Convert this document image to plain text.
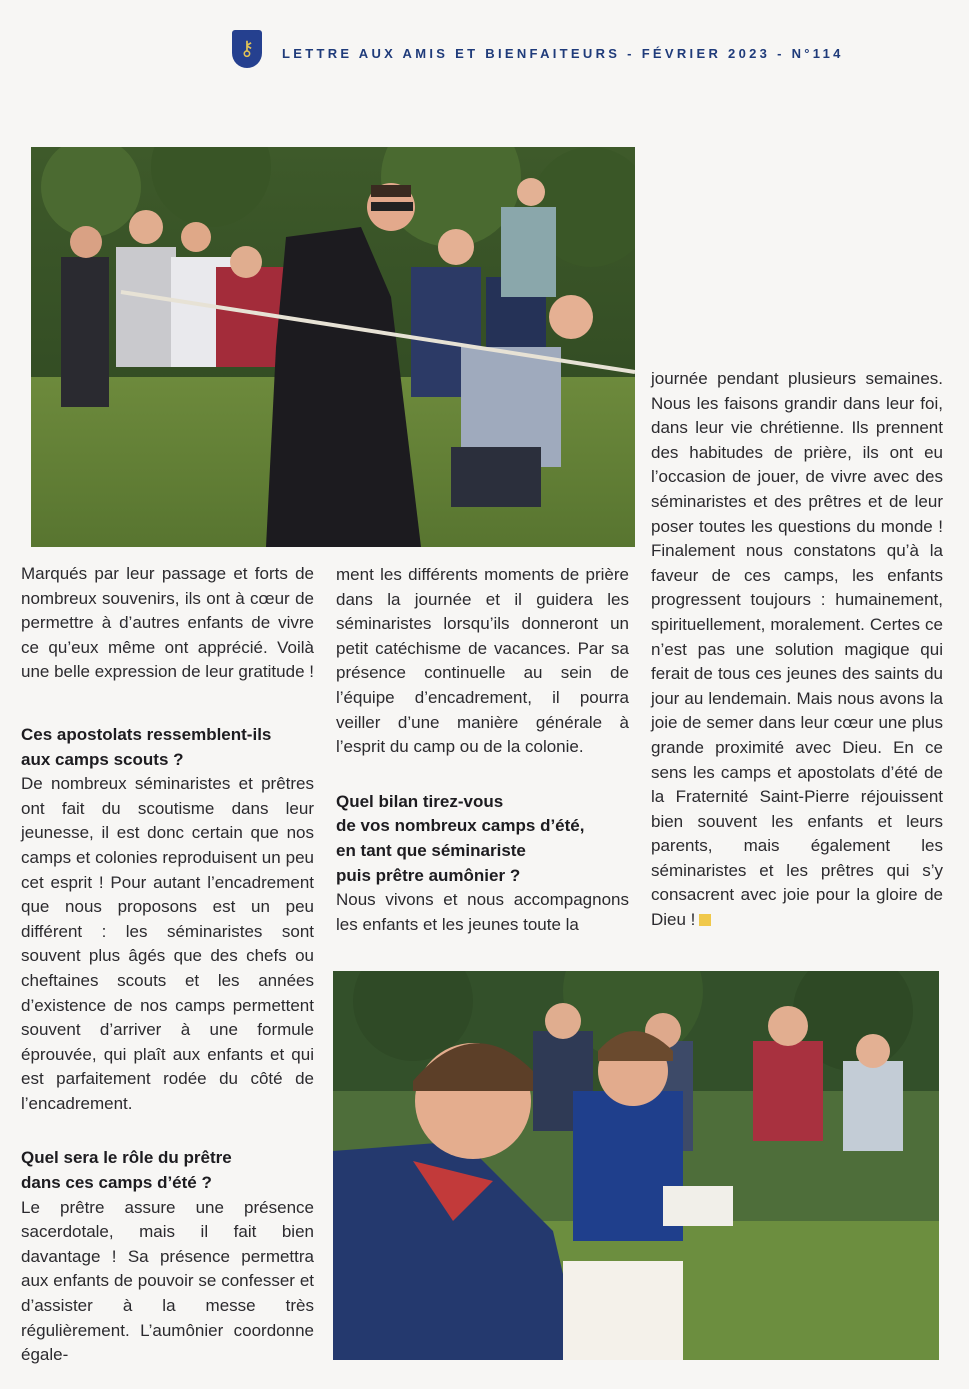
⚷	LETTRE AUX AMIS ET BIENFAITEURS - FÉVRIER 2023 - N°114

Marqués par leur passage et forts de nombreux souvenirs, ils ont à cœur de permettre à d’autres enfants de vivre ce qu’eux même ont apprécié. Voilà une belle expression de leur gratitude !

Ces apostolats ressemblent-ils
aux camps scouts ?

De nombreux séminaristes et prêtres ont fait du scoutisme dans leur jeunesse, il est donc certain que nos camps et colonies reproduisent un peu cet esprit ! Pour autant l’encadrement que nous proposons est un peu différent : les séminaristes sont souvent plus âgés que des chefs ou cheftaines scouts et les années d’existence de nos camps permettent souvent d’arriver à une formule éprouvée, qui plaît aux enfants et qui est parfaitement rodée du côté de l’encadrement.

Quel sera le rôle du prêtre
dans ces camps d’été ?

Le prêtre assure une présence sacerdotale, mais il fait bien davantage ! Sa présence permettra aux enfants de pouvoir se confesser et d’assister à la messe très régulièrement. L’aumônier coordonne égale-

ment les différents moments de prière dans la journée et il guidera les séminaristes lorsqu’ils donneront un petit catéchisme de vacances. Par sa présence continuelle au sein de l’équipe d’encadrement, il pourra veiller d’une manière générale à l’esprit du camp ou de la colonie.

Quel bilan tirez-vous
de vos nombreux camps d’été,
en tant que séminariste
puis prêtre aumônier ?

Nous vivons et nous accompagnons les enfants et les jeunes toute la

journée pendant plusieurs semaines. Nous les faisons grandir dans leur foi, dans leur vie chrétienne. Ils prennent des habitudes de prière, ils ont eu l’occasion de jouer, de vivre avec des séminaristes et des prêtres et de leur poser toutes les questions du monde ! Finalement nous constatons qu’à la faveur de ces camps, les enfants progressent toujours : humainement, spirituellement, moralement. Certes ce n’est pas une solution magique qui ferait de tous ces jeunes des saints du jour au lendemain. Mais nous avons la joie de semer dans leur cœur une plus grande proximité avec Dieu. En ce sens les camps et apostolats d’été de la Fraternité Saint-Pierre réjouissent bien souvent les enfants et leurs parents, mais également les séminaristes et les prêtres qui s’y consacrent avec joie pour la gloire de Dieu !
